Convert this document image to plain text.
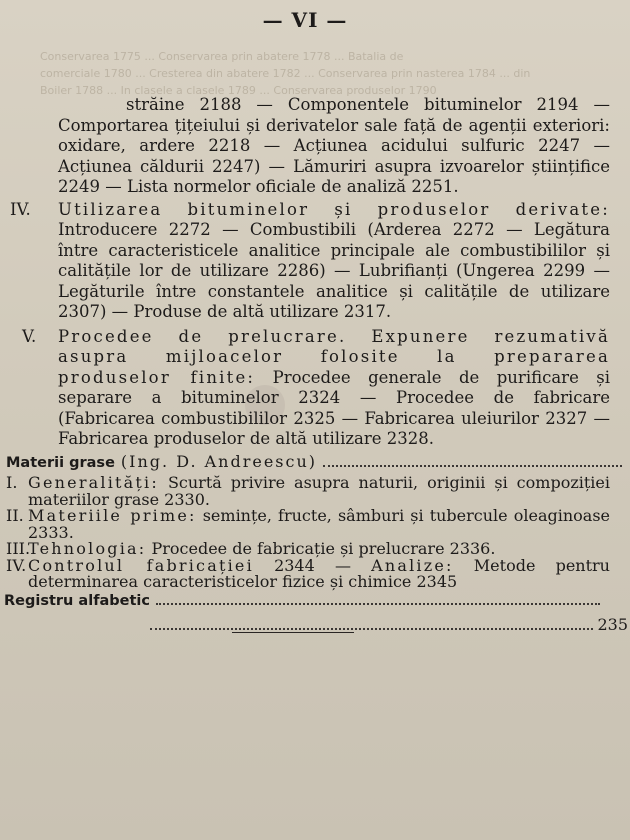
— VI —
Conservarea 1775 ... Conservarea prin abatere 1778 ... Batalia de
comerciale 1780 ... Cresterea din abatere 1782 ... Conservarea prin nasterea 1784 ... din
Boiler 1788 ... In clasele a clasele 1789 ... Conservarea produselor 1790
străine 2188 — Componentele bituminelor 2194 — Comportarea țițeiului și derivatelor sale față de agenții exteriori: oxidare, ardere 2218 — Acțiunea acidului sulfuric 2247 — Acțiunea căldurii 2247) — Lămuriri asupra izvoarelor științifice 2249 — Lista normelor oficiale de analiză 2251.
IV.	Utilizarea bituminelor și produselor derivate: Introducere 2272 — Combustibili (Arderea 2272 — Legătura între caracteristicele analitice principale ale combustibililor și calitățile lor de utilizare 2286) — Lubrifianți (Ungerea 2299 — Legăturile între constantele analitice și calitățile de utilizare 2307) — Produse de altă utilizare 2317.
V.	Procedee de prelucrare. Expunere rezumativă asupra mijloacelor folosite la prepararea produselor finite: Procedee generale de purificare și separare a bituminelor 2324 — Procedee de fabricare (Fabricarea combustibililor 2325 — Fabricarea uleiurilor 2327 — Fabricarea produselor de altă utilizare 2328.
Materii grase (Ing. D. Andreescu)
I. Generalități: Scurtă privire asupra naturii, originii și compoziției materiilor grase 2330.
II. Materiile prime: semințe, fructe, sâmburi și tubercule oleaginoase 2333.
III.
Tehnologia: Procedee de fabricație și prelucrare 2336.
IV. Controlul fabricației 2344 — Analize: Metode pentru determinarea caracteristicelor fizice și chimice 2345
Registru alfabetic
235
